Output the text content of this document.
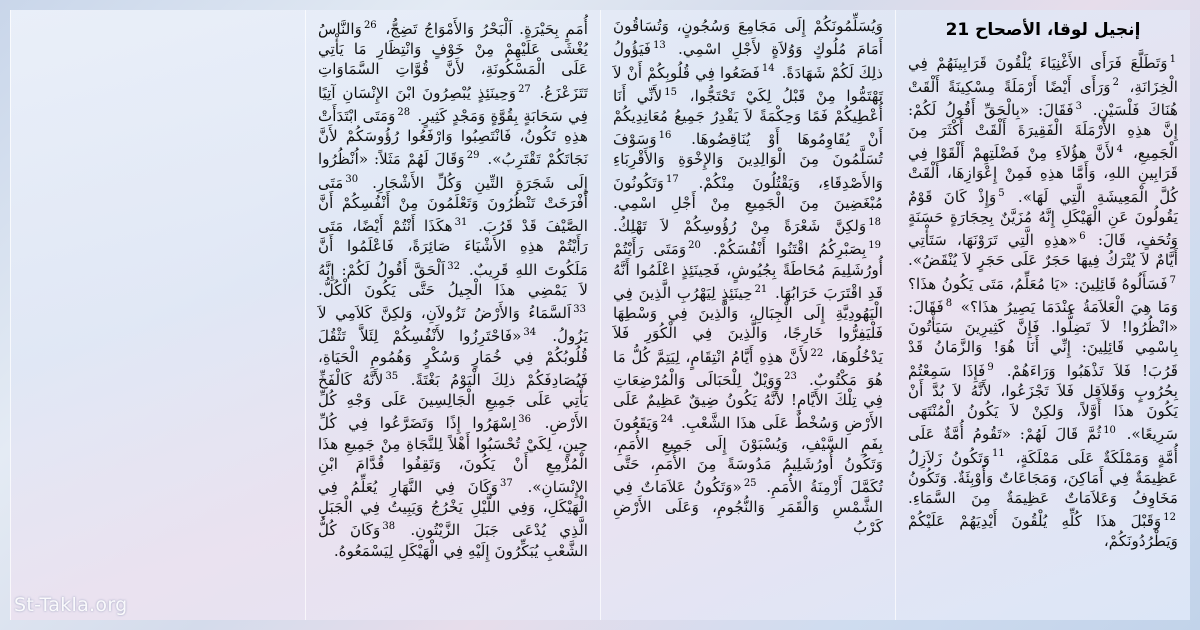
إنجيل لوقا، الأصحاح 21
$^1$وَتَطَلَّعَ فَرَأَى الأَغْنِيَاءَ يُلْقُونَ قَرَابِينَهُمْ فِي الْخِزَانَةِ، $^2$وَرَأَى أَيْضًا أَرْمَلَةً مِسْكِينَةً أَلْقَتْ هُنَاكَ فَلْسَيْنِ. $^3$فَقَالَ: «بِالْحَقِّ أَقُولُ لَكُمْ: إِنَّ هذِهِ الأَرْمَلَةَ الْفَقِيرَةَ أَلْقَتْ أَكْثَرَ مِنَ الْجَمِيعِ، $^4$لأَنَّ هؤُلاَءِ مِنْ فَضْلَتِهِمْ أَلْقَوْا فِي قَرَابِينِ اللهِ، وَأَمَّا هذِهِ فَمِنْ إِعْوَازِهَا، أَلْقَتْ كُلَّ الْمَعِيشَةِ الَّتِي لَهَا». $^5$وَإِذْ كَانَ قَوْمٌ يَقُولُونَ عَنِ الْهَيْكَلِ إِنَّهُ مُزَيَّنٌ بِحِجَارَةٍ حَسَنَةٍ وَتُحَفٍ، قَالَ: $^6$«هذِهِ الَّتِي تَرَوْنَهَا، سَتَأْتِي أَيَّامٌ لاَ يُتْرَكُ فِيهَا حَجَرٌ عَلَى حَجَرٍ لاَ يُنْقَضُ». $^7$فَسَأَلُوهُ قَائِلِينَ: «يَا مُعَلِّمُ، مَتَى يَكُونُ هذَا؟ وَمَا هِيَ الْعَلاَمَةُ عِنْدَمَا يَصِيرُ هذَا؟» $^8$فَقَالَ: «انْظُرُوا! لاَ تَضِلُّوا. فَإِنَّ كَثِيرِينَ سَيَأْتُونَ بِاسْمِي قَائِلِينَ: إِنِّي أَنَا هُوَ! وَالزَّمَانُ قَدْ قَرُبَ! فَلاَ تَذْهَبُوا وَرَاءَهُمْ. $^9$فَإِذَا سَمِعْتُمْ بِحُرُوبٍ وَقَلاَقِل فَلاَ تَجْزَعُوا، لأَنَّهُ لاَ بُدَّ أَنْ يَكُونَ هذَا أَوَّلاً، وَلكِنْ لاَ يَكُونُ الْمُنْتَهَى سَرِيعًا». $^{10}$ثُمَّ قَالَ لَهُمْ: «تَقُومُ أُمَّةٌ عَلَى أُمَّةٍ وَمَمْلَكَةٌ عَلَى مَمْلَكَةٍ، $^{11}$وَتَكُونُ زَلاَزِلُ عَظِيمَةٌ فِي أَمَاكِنَ، وَمَجَاعَاتٌ وَأَوْبِئَةٌ. وَتَكُونُ مَخَاوِفُ وَعَلاَمَاتٌ عَظِيمَةٌ مِنَ السَّمَاءِ. $^{12}$وَقَبْلَ هذَا كُلِّهِ يُلْقُونَ أَيْدِيَهُمْ عَلَيْكُمْ وَيَطْرُدُونَكُمْ،
وَيُسَلِّمُونَكُمْ إِلَى مَجَامِعَ وَسُجُونٍ، وَتُسَاقُونَ أَمَامَ مُلُوكٍ وَوُلاَةٍ لأَجْلِ اسْمِي. $^{13}$فَيَؤُولُ ذلِكَ لَكُمْ شَهَادَةً. $^{14}$فَضَعُوا فِي قُلُوبِكُمْ أَنْ لاَ تَهْتَمُّوا مِنْ قَبْلُ لِكَيْ تَحْتَجُّوا، $^{15}$لأَنِّي أَنَا أُعْطِيكُمْ فَمًا وَحِكْمَةً لاَ يَقْدِرُ جَمِيعُ مُعَانِدِيكُمْ أَنْ يُقَاوِمُوهَا أَوْ يُنَاقِضُوهَا. $^{16}$وَسَوْفَ تُسَلَّمُونَ مِنَ الْوَالِدِينَ وَالإِخْوَةِ وَالأَقْرِبَاءِ وَالأَصْدِقَاءِ، وَيَقْتُلُونَ مِنْكُمْ. $^{17}$وَتَكُونُونَ مُبْغَضِينَ مِنَ الْجَمِيعِ مِنْ أَجْلِ اسْمِي. $^{18}$وَلكِنَّ شَعْرَةً مِنْ رُؤُوسِكُمْ لاَ تَهْلِكُ. $^{19}$بِصَبْرِكُمُ اقْتَنُوا أَنْفُسَكُمْ. $^{20}$وَمَتَى رَأَيْتُمْ أُورُشَلِيمَ مُحَاطَةً بِجُيُوشٍ، فَحِينَئِذٍ اعْلَمُوا أَنَّهُ قَدِ اقْتَرَبَ خَرَابُهَا. $^{21}$حِينَئِذٍ لِيَهْرُبِ الَّذِينَ فِي الْيَهُودِيَّةِ إِلَى الْجِبَالِ، وَالَّذِينَ فِي وَسْطِهَا فَلْيَفِرُّوا خَارِجًا، وَالَّذِينَ فِي الْكُوَرِ فَلاَ يَدْخُلُوهَا، $^{22}$لأَنَّ هذِهِ أَيَّامُ انْتِقَامٍ، لِيَتِمَّ كُلُّ مَا هُوَ مَكْتُوبٌ. $^{23}$وَوَيْلٌ لِلْحَبَالَى وَالْمُرْضِعَاتِ فِي تِلْكَ الأَيَّامِ! لأَنَّهُ يَكُونُ ضِيقٌ عَظِيمٌ عَلَى الأَرْضِ وَسُخْطٌ عَلَى هذَا الشَّعْبِ. $^{24}$وَيَقَعُونَ بِفَمِ السَّيْفِ، وَيُسْبَوْنَ إِلَى جَمِيعِ الأُمَمِ، وَتَكُونُ أُورُشَلِيمُ مَدُوسَةً مِنَ الأُمَمِ، حَتَّى تُكَمَّلَ أَزْمِنَةُ الأُمَمِ. $^{25}$«وَتَكُونُ عَلاَمَاتٌ فِي الشَّمْسِ وَالْقَمَرِ وَالنُّجُومِ، وَعَلَى الأَرْضِ كَرْبُ
أُمَمٍ بِحَيْرَةٍ. اَلْبَحْرُ وَالأَمْوَاجُ تَضِجُّ، $^{26}$وَالنَّاسُ يُغْشَى عَلَيْهِمْ مِنْ خَوْفٍ وَانْتِظَارِ مَا يَأْتِي عَلَى الْمَسْكُونَةِ، لأَنَّ قُوَّاتِ السَّمَاوَاتِ تَتَزَعْزَعُ. $^{27}$وَحِينَئِذٍ يُبْصِرُونَ ابْنَ الإِنْسَانِ آتِيًا فِي سَحَابَةٍ بِقُوَّةٍ وَمَجْدٍ كَثِيرٍ. $^{28}$وَمَتَى ابْتَدَأَتْ هذِهِ تَكُونُ، فَانْتَصِبُوا وَارْفَعُوا رُؤُوسَكُمْ لأَنَّ نَجَاتَكُمْ تَقْتَرِبُ». $^{29}$وَقَالَ لَهُمْ مَثَلاً: «اُنْظُرُوا إِلَى شَجَرَةِ التِّينِ وَكُلِّ الأَشْجَارِ. $^{30}$مَتَى أَفْرَخَتْ تَنْظُرُونَ وَتَعْلَمُونَ مِنْ أَنْفُسِكُمْ أَنَّ الصَّيْفَ قَدْ قَرُبَ. $^{31}$هكَذَا أَنْتُمْ أَيْضًا، مَتَى رَأَيْتُمْ هذِهِ الأَشْيَاءَ صَائِرَةً، فَاعْلَمُوا أَنَّ مَلَكُوتَ اللهِ قَرِيبٌ. $^{32}$اَلْحَقَّ أَقُولُ لَكُمْ: إِنَّهُ لاَ يَمْضِي هذَا الْجِيلُ حَتَّى يَكُونَ الْكُلُّ. $^{33}$اَلسَّمَاءُ وَالأَرْضُ تَزُولاَنِ، وَلكِنَّ كَلاَمِي لاَ يَزُولُ. $^{34}$«فَاحْتَرِزُوا لأَنْفُسِكُمْ لِئَلاَّ تَثْقُلَ قُلُوبُكُمْ فِي خُمَارٍ وَسُكْرٍ وَهُمُومِ الْحَيَاةِ، فَيُصَادِفَكُمْ ذلِكَ الْيَوْمُ بَغْتَةً. $^{35}$لأَنَّهُ كَالْفَخِّ يَأْتِي عَلَى جَمِيعِ الْجَالِسِينَ عَلَى وَجْهِ كُلِّ الأَرْضِ. $^{36}$اِسْهَرُوا إِذًا وَتَضَرَّعُوا فِي كُلِّ حِينٍ، لِكَيْ تُحْسَبُوا أَهْلاً لِلنَّجَاةِ مِنْ جَمِيعِ هذَا الْمُزْمِعِ أَنْ يَكُونَ، وَتَقِفُوا قُدَّامَ ابْنِ الإِنْسَانِ». $^{37}$وَكَانَ فِي النَّهَارِ يُعَلِّمُ فِي الْهَيْكَلِ، وَفِي اللَّيْلِ يَخْرُجُ وَيَبِيتُ فِي الْجَبَلِ الَّذِي يُدْعَى جَبَلَ الزَّيْتُونِ. $^{38}$وَكَانَ كُلُّ الشَّعْبِ يُبَكِّرُونَ إِلَيْهِ فِي الْهَيْكَلِ لِيَسْمَعُوهُ.
St-Takla.org
